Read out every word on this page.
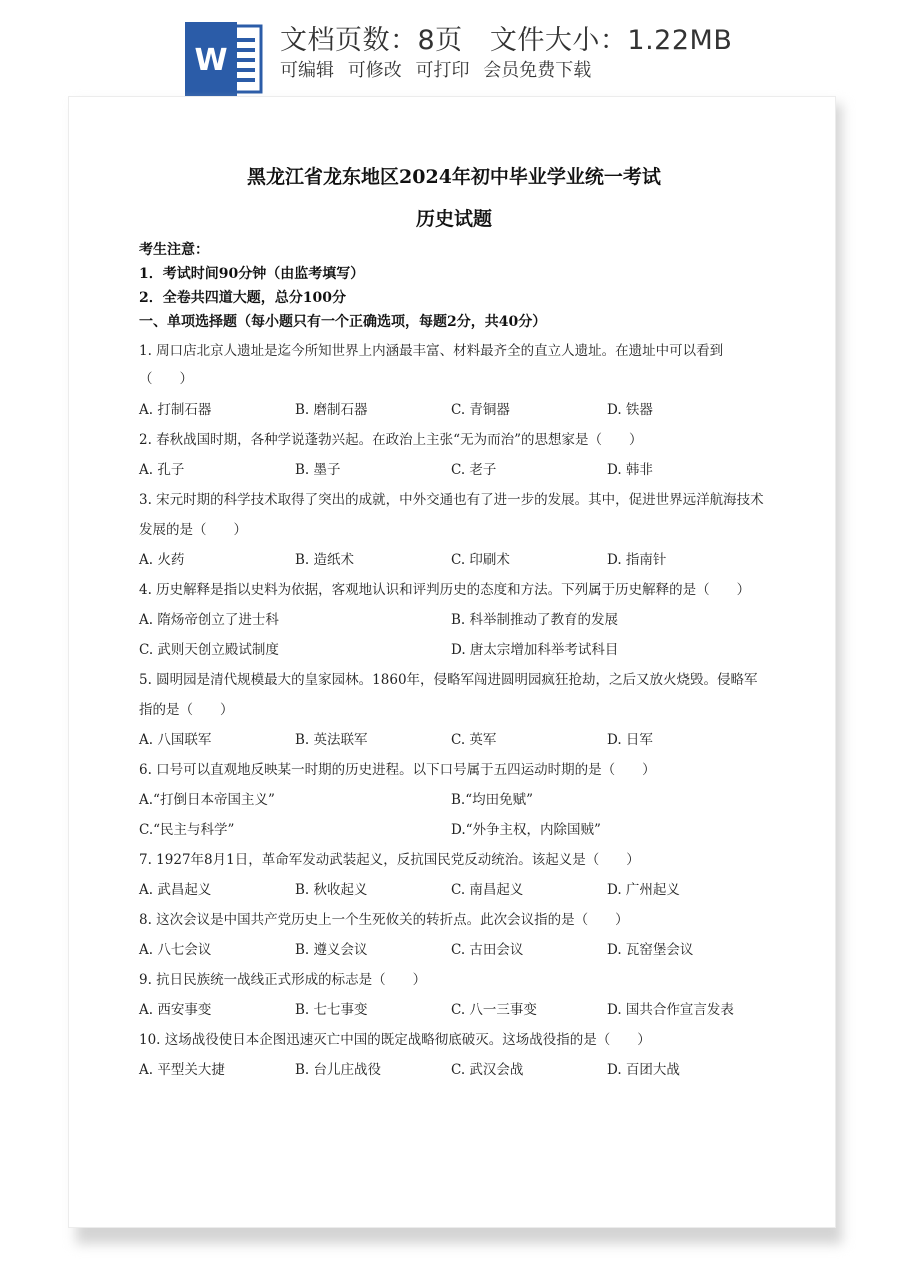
W
文档页数：8页   文件大小：1.22MB
可编辑 可修改 可打印 会员免费下载
黑龙江省龙东地区2024年初中毕业学业统一考试
历史试题
考生注意：
1．考试时间90分钟（由监考填写）
2．全卷共四道大题，总分100分
一、单项选择题（每小题只有一个正确选项，每题2分，共40分）
1. 周口店北京人遗址是迄今所知世界上内涵最丰富、材料最齐全的直立人遗址。在遗址中可以看到
（　　）
A. 打制石器	B. 磨制石器	C. 青铜器	D. 铁器
2. 春秋战国时期，各种学说蓬勃兴起。在政治上主张“无为而治”的思想家是（　　）
A. 孔子	B. 墨子	C. 老子	D. 韩非
3. 宋元时期的科学技术取得了突出的成就，中外交通也有了进一步的发展。其中，促进世界远洋航海技术
发展的是（　　）
A. 火药	B. 造纸术	C. 印刷术	D. 指南针
4. 历史解释是指以史料为依据，客观地认识和评判历史的态度和方法。下列属于历史解释的是（　　）
A. 隋炀帝创立了进士科	B. 科举制推动了教育的发展
C. 武则天创立殿试制度	D. 唐太宗增加科举考试科目
5. 圆明园是清代规模最大的皇家园林。1860年，侵略军闯进圆明园疯狂抢劫，之后又放火烧毁。侵略军
指的是（　　）
A. 八国联军	B. 英法联军	C. 英军	D. 日军
6. 口号可以直观地反映某一时期的历史进程。以下口号属于五四运动时期的是（　　）
A.“打倒日本帝国主义”	B.“均田免赋”
C.“民主与科学”	D.“外争主权，内除国贼”
7. 1927年8月1日，革命军发动武装起义，反抗国民党反动统治。该起义是（　　）
A. 武昌起义	B. 秋收起义	C. 南昌起义	D. 广州起义
8. 这次会议是中国共产党历史上一个生死攸关的转折点。此次会议指的是（　　）
A. 八七会议	B. 遵义会议	C. 古田会议	D. 瓦窑堡会议
9. 抗日民族统一战线正式形成的标志是（　　）
A. 西安事变	B. 七七事变	C. 八一三事变	D. 国共合作宣言发表
10. 这场战役使日本企图迅速灭亡中国的既定战略彻底破灭。这场战役指的是（　　）
A. 平型关大捷	B. 台儿庄战役	C. 武汉会战	D. 百团大战
